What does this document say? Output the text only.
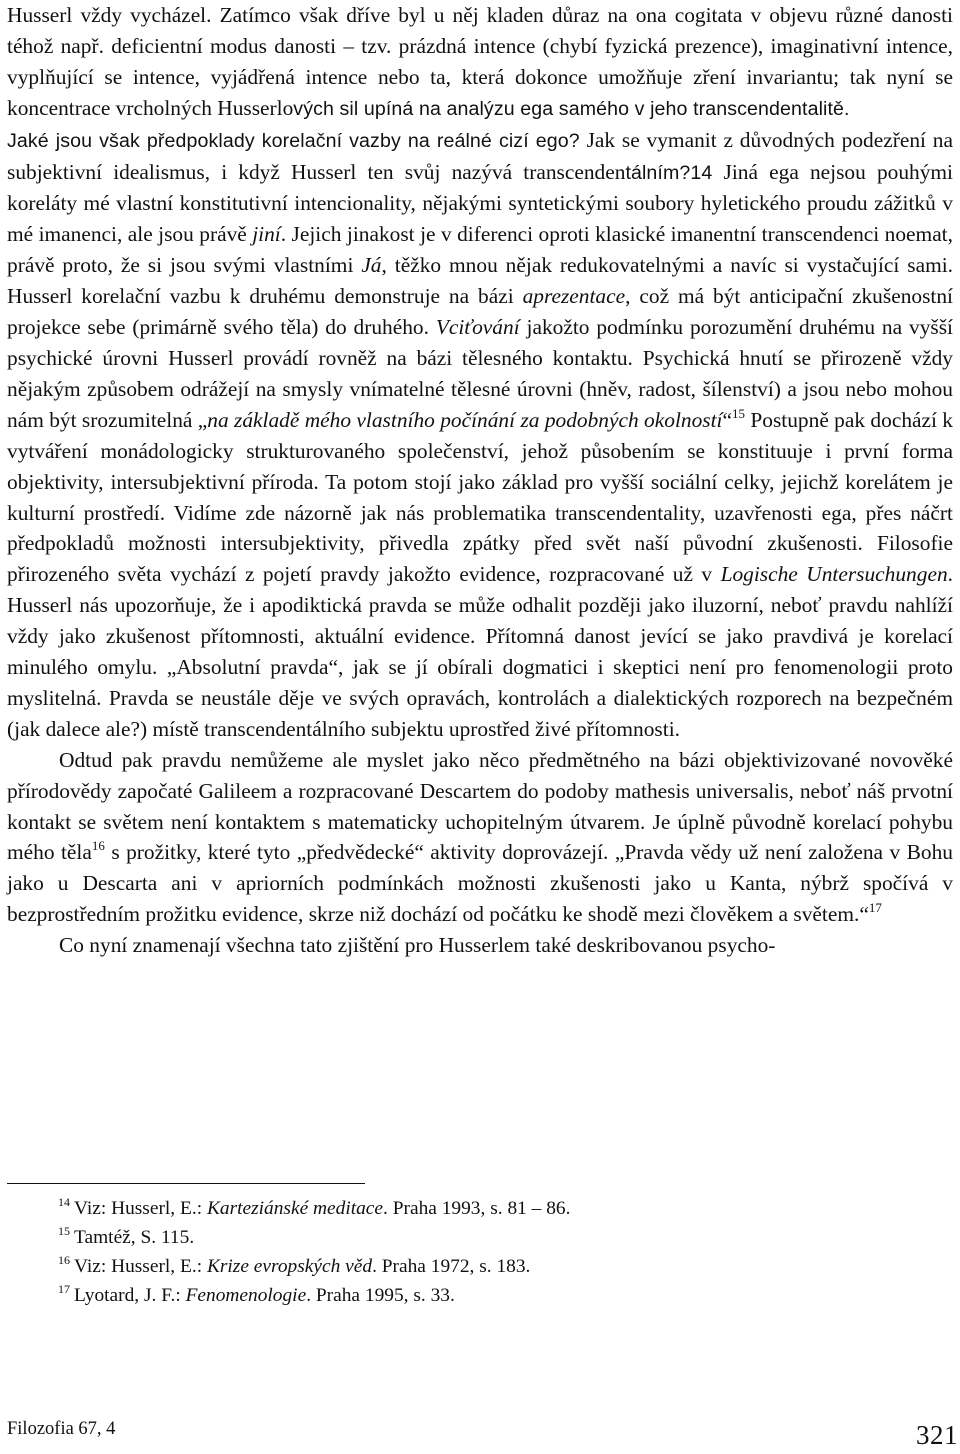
Husserl vždy vycházel. Zatímco však dříve byl u něj kladen důraz na ona cogitata v objevu různé danosti téhož např. deficientní modus danosti – tzv. prázdná intence (chybí fyzická prezence), imaginativní intence, vyplňující se intence, vyjádřená intence nebo ta, která dokonce umožňuje zření invariantu; tak nyní se koncentrace vrcholných Husserlových sil upíná na analýzu ega samého v jeho transcendentalitě.
Jaké jsou však předpoklady korelační vazby na reálné cizí ego? Jak se vymanit z důvodných podezření na subjektivní idealismus, i když Husserl ten svůj nazývá transcendentálním?14 Jiná ega nejsou pouhými koreláty mé vlastní konstitutivní intencionality, nějakými syntetickými soubory hyletického proudu zážitků v mé imanenci, ale jsou právě jiní. Jejich jinakost je v diferenci oproti klasické imanentní transcendenci noemat, právě proto, že si jsou svými vlastními Já, těžko mnou nějak redukovatelnými a navíc si vystačující sami. Husserl korelační vazbu k druhému demonstruje na bázi aprezentace, což má být anticipační zkušenostní projekce sebe (primárně svého těla) do druhého. Vciťování jakožto podmínku porozumění druhému na vyšší psychické úrovni Husserl provádí rovněž na bázi tělesného kontaktu. Psychická hnutí se přirozeně vždy nějakým způsobem odrážejí na smysly vnímatelné tělesné úrovni (hněv, radost, šílenství) a jsou nebo mohou nám být srozumitelná „na základě mého vlastního počínání za podobných okolností“$^{15}$ Postupně pak dochází k vytváření monádologicky strukturovaného společenství, jehož působením se konstituuje i první forma objektivity, intersubjektivní příroda. Ta potom stojí jako základ pro vyšší sociální celky, jejichž korelátem je kulturní prostředí. Vidíme zde názorně jak nás problematika transcendentality, uzavřenosti ega, přes náčrt předpokladů možnosti intersubjektivity, přivedla zpátky před svět naší původní zkušenosti. Filosofie přirozeného světa vychází z pojetí pravdy jakožto evidence, rozpracované už v Logische Untersuchungen. Husserl nás upozorňuje, že i apodiktická pravda se může odhalit později jako iluzorní, neboť pravdu nahlíží vždy jako zkušenost přítomnosti, aktuální evidence. Přítomná danost jevící se jako pravdivá je korelací minulého omylu. „Absolutní pravda“, jak se jí obírali dogmatici i skeptici není pro fenomenologii proto myslitelná. Pravda se neustále děje ve svých opravách, kontrolách a dialektických rozporech na bezpečném (jak dalece ale?) místě transcendentálního subjektu uprostřed živé přítomnosti.

Odtud pak pravdu nemůžeme ale myslet jako něco předmětného na bázi objektivizované novověké přírodovědy započaté Galileem a rozpracované Descartem do podoby mathesis universalis, neboť náš prvotní kontakt se světem není kontaktem s matematicky uchopitelným útvarem. Je úplně původně korelací pohybu mého těla$^{16}$ s prožitky, které tyto „předvědecké“ aktivity doprovázejí. „Pravda vědy už není založena v Bohu jako u Descarta ani v apriorních podmínkách možnosti zkušenosti jako u Kanta, nýbrž spočívá v bezprostředním prožitku evidence, skrze niž dochází od počátku ke shodě mezi člověkem a světem.“$^{17}$

Co nyní znamenají všechna tato zjištění pro Husserlem také deskribovanou psycho-

$^{14}$ Viz: Husserl, E.: Karteziánské meditace. Praha 1993, s. 81 – 86.
$^{15}$ Tamtéž, S. 115.
$^{16}$ Viz: Husserl, E.: Krize evropských věd. Praha 1972, s. 183.
$^{17}$ Lyotard, J. F.: Fenomenologie. Praha 1995, s. 33.
Filozofia 67, 4	321
